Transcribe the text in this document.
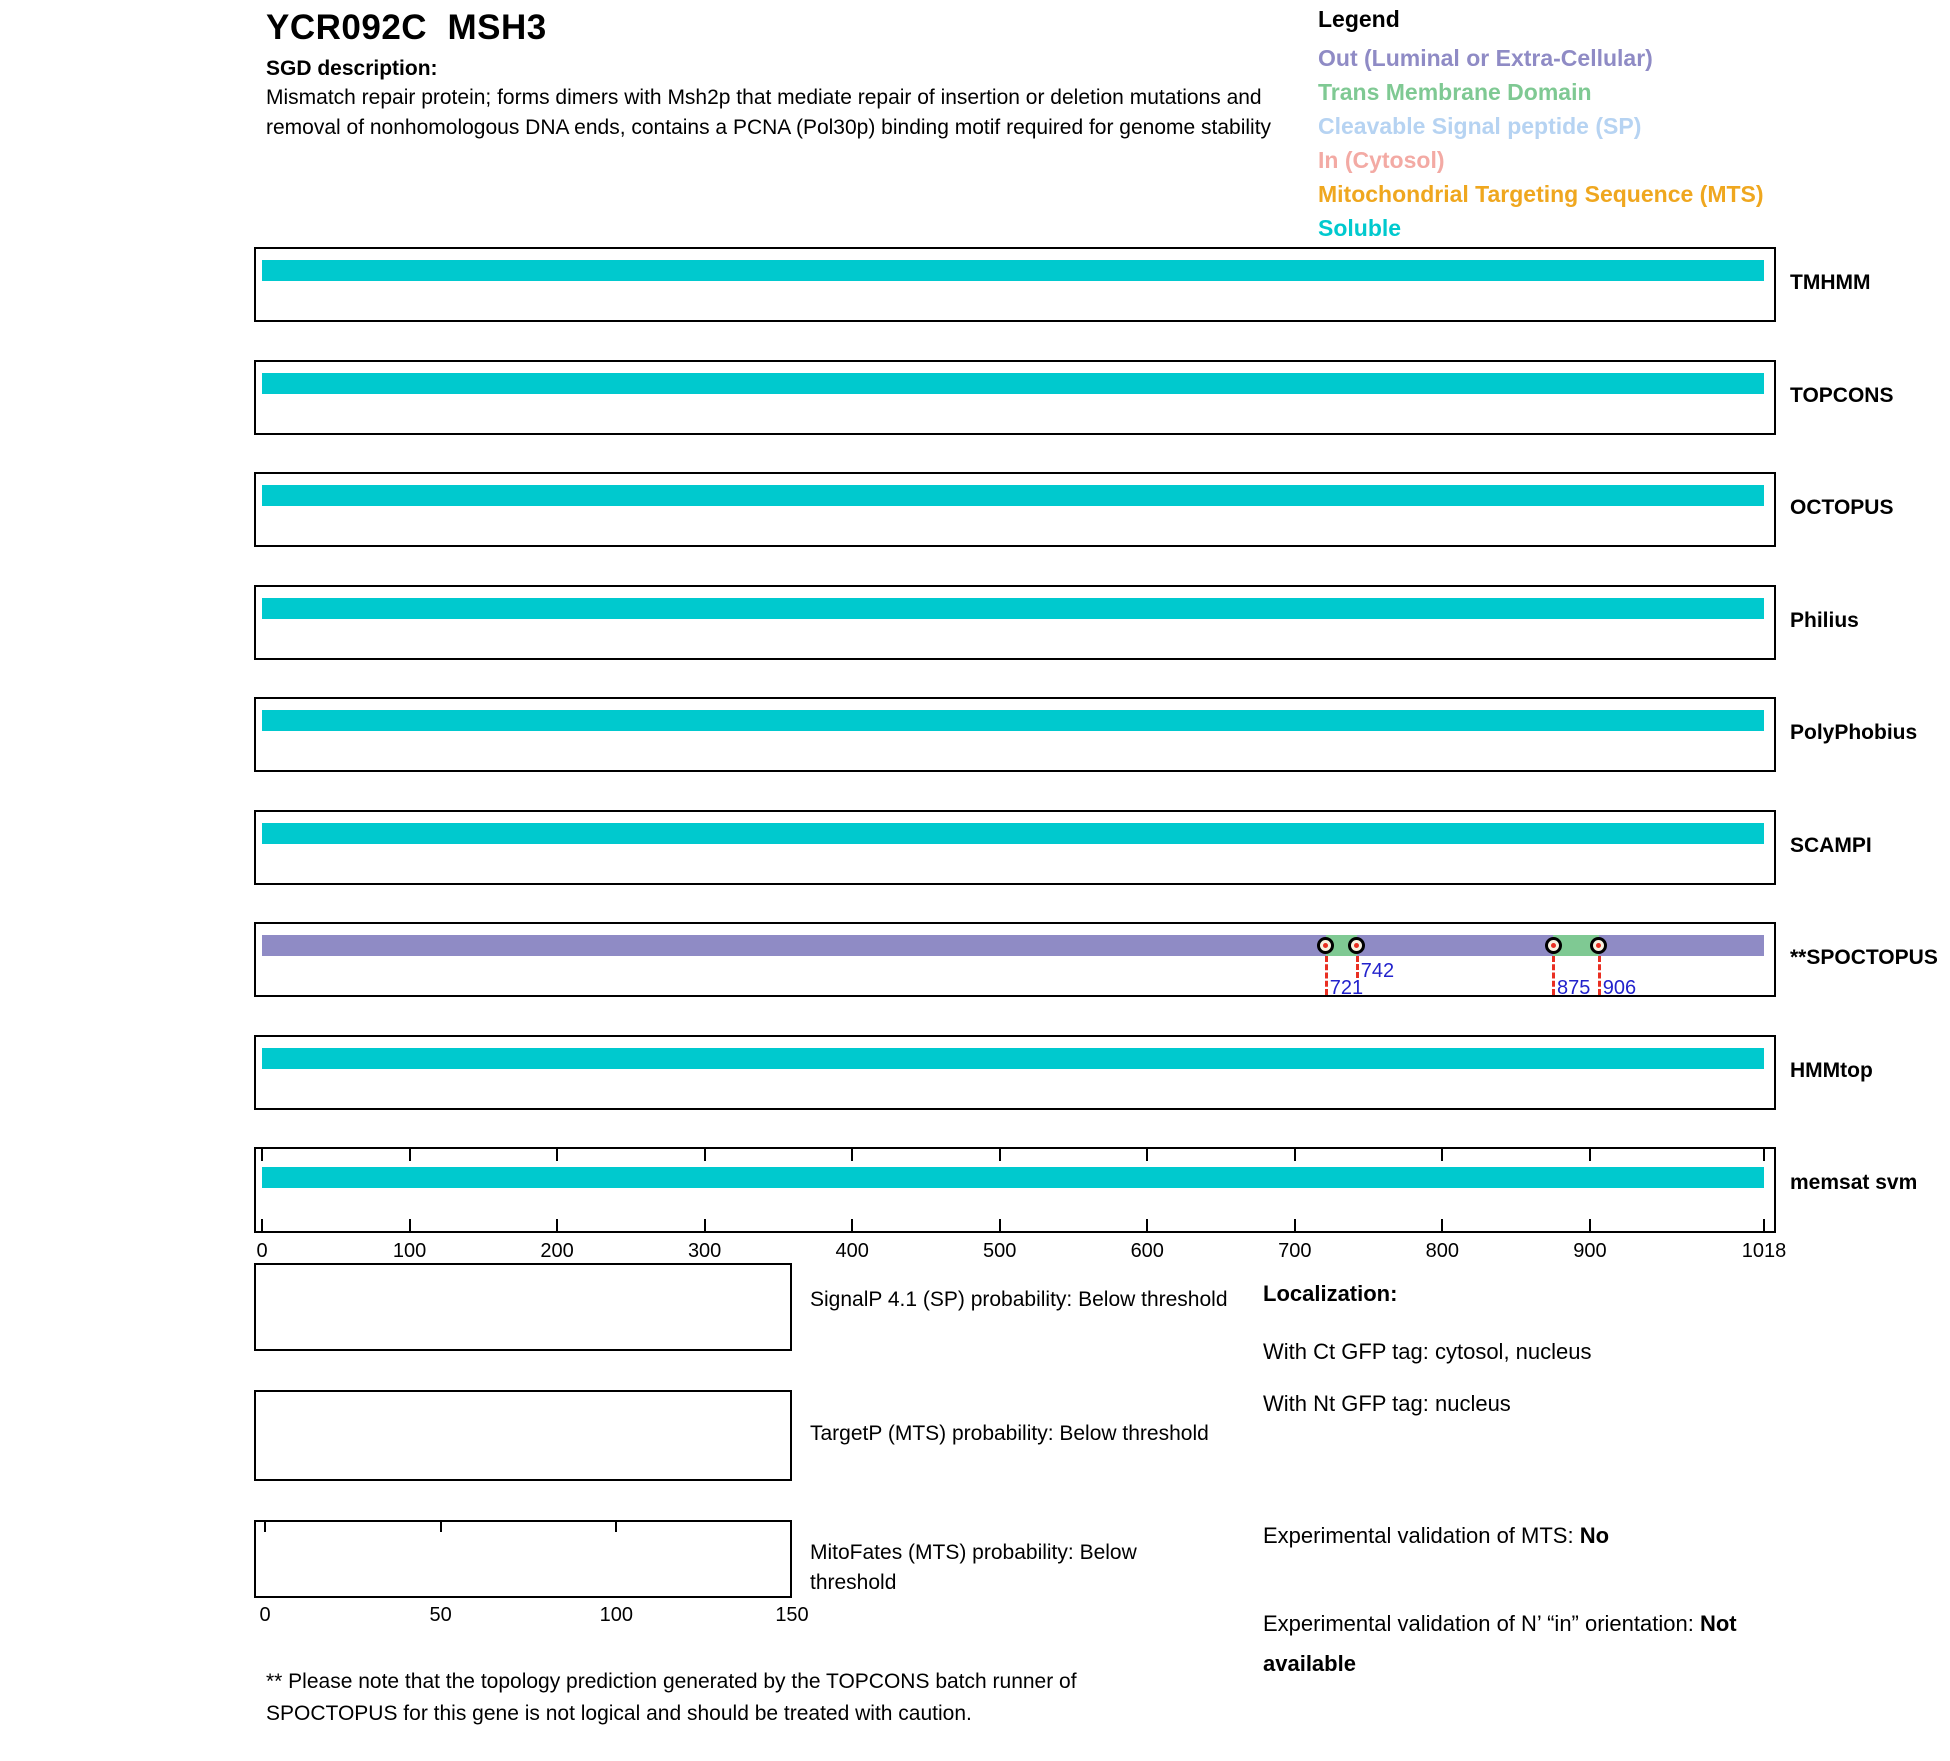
YCR092C  MSH3
SGD description:
Mismatch repair protein; forms dimers with Msh2p that mediate repair of insertion or deletion mutations and removal of nonhomologous DNA ends, contains a PCNA (Pol30p) binding motif required for genome stability
Legend
Out (Luminal or Extra-Cellular)
Trans Membrane Domain
Cleavable Signal peptide (SP)
In (Cytosol)
Mitochondrial Targeting Sequence (MTS)
Soluble
TMHMM
TOPCONS
OCTOPUS
Philius
PolyPhobius
SCAMPI
721
742
875 906
**SPOCTOPUS
HMMtop
memsat svm
0	100	200	300	400	500	600	700	800	900	1018
SignalP 4.1 (SP) probability: Below threshold
TargetP (MTS) probability: Below threshold
MitoFates (MTS) probability: Below threshold
0	50	100	150
Localization:
With Ct GFP tag: cytosol, nucleus
With Nt GFP tag: nucleus
Experimental validation of MTS: No
Experimental validation of N’ “in” orientation: Not available
** Please note that the topology prediction generated by the TOPCONS batch runner of SPOCTOPUS for this gene is not logical and should be treated with caution.
